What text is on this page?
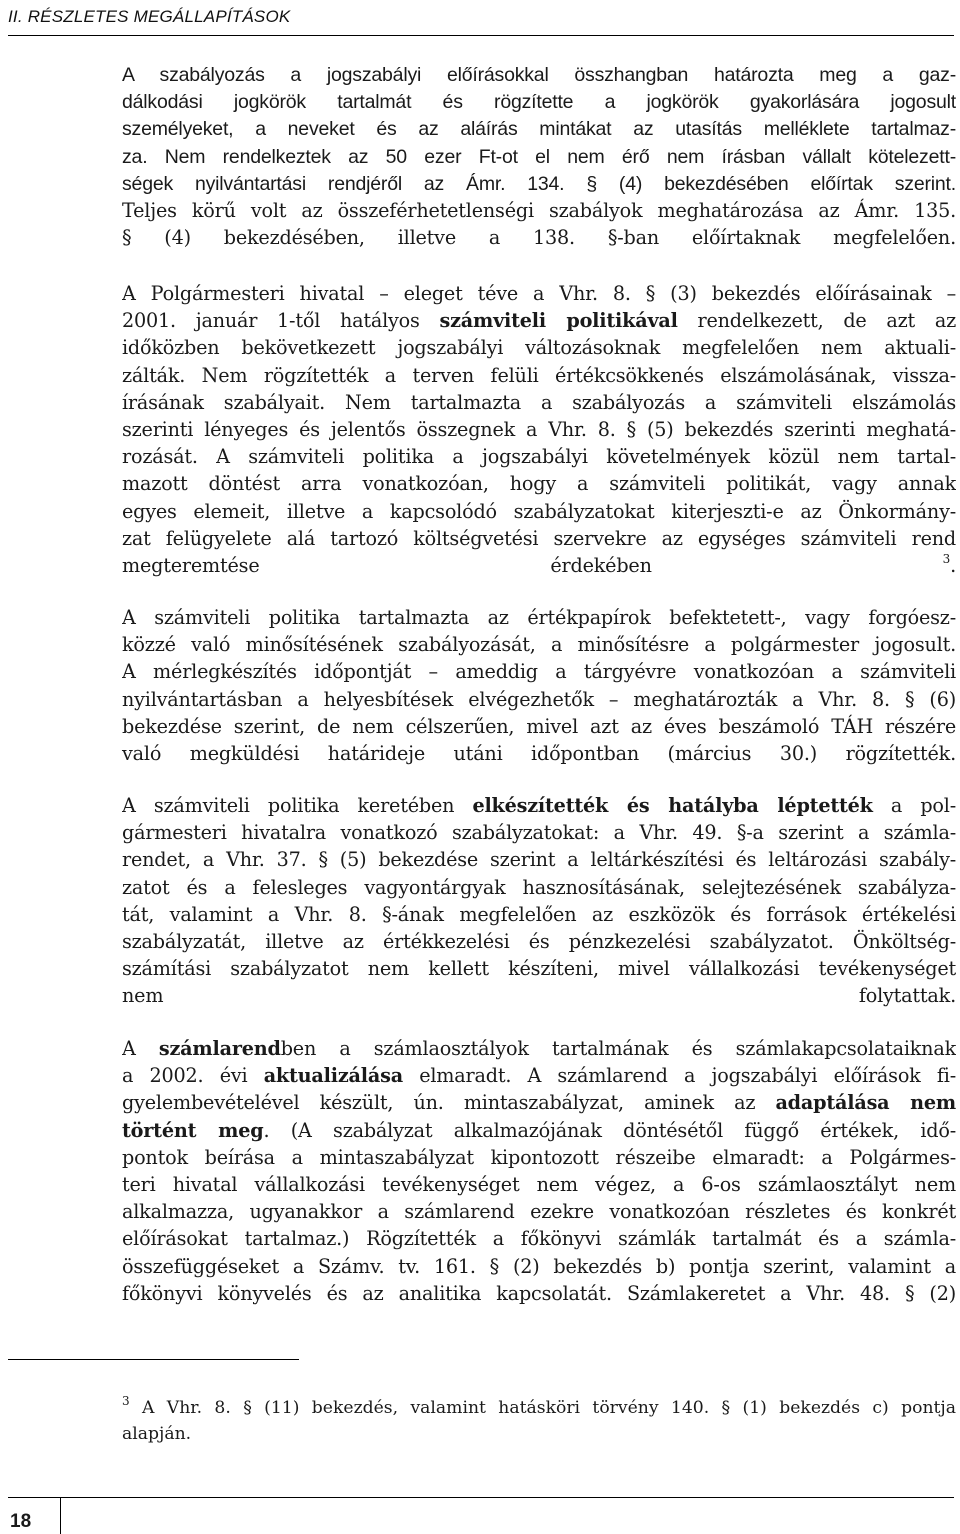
II. RÉSZLETES MEGÁLLAPÍTÁSOK
A szabályozás a jogszabályi előírásokkal összhangban határozta meg a gaz-
dálkodási jogkörök tartalmát és rögzítette a jogkörök gyakorlására jogosult
személyeket, a neveket és az aláírás mintákat az utasítás melléklete tartalmaz-
za. Nem rendelkeztek az 50 ezer Ft-ot el nem érő nem írásban vállalt kötelezett-
ségek nyilvántartási rendjéről az Ámr. 134. § (4) bekezdésében előírtak szerint.
Teljes körű volt az összeférhetetlenségi szabályok meghatározása az Ámr. 135.
§ (4) bekezdésében, illetve a 138. §-ban előírtaknak megfelelően.
A Polgármesteri hivatal – eleget téve a Vhr. 8. § (3) bekezdés előírásainak –
2001. január 1-től hatályos számviteli politikával rendelkezett, de azt az
időközben bekövetkezett jogszabályi változásoknak megfelelően nem aktuali-
zálták. Nem rögzítették a terven felüli értékcsökkenés elszámolásának, vissza-
írásának szabályait. Nem tartalmazta a szabályozás a számviteli elszámolás
szerinti lényeges és jelentős összegnek a Vhr. 8. § (5) bekezdés szerinti meghatá-
rozását. A számviteli politika a jogszabályi követelmények közül nem tartal-
mazott döntést arra vonatkozóan, hogy a számviteli politikát, vagy annak
egyes elemeit, illetve a kapcsolódó szabályzatokat kiterjeszti-e az Önkormány-
zat felügyelete alá tartozó költségvetési szervekre az egységes számviteli rend
megteremtése érdekében $^3$.
A számviteli politika tartalmazta az értékpapírok befektetett-, vagy forgóesz-
közzé való minősítésének szabályozását, a minősítésre a polgármester jogosult.
A mérlegkészítés időpontját – ameddig a tárgyévre vonatkozóan a számviteli
nyilvántartásban a helyesbítések elvégezhetők – meghatározták a Vhr. 8. § (6)
bekezdése szerint, de nem célszerűen, mivel azt az éves beszámoló TÁH részére
való megküldési határideje utáni időpontban (március 30.) rögzítették.
A számviteli politika keretében elkészítették és hatályba léptették a pol-
gármesteri hivatalra vonatkozó szabályzatokat: a Vhr. 49. §-a szerint a számla-
rendet, a Vhr. 37. § (5) bekezdése szerint a leltárkészítési és leltározási szabály-
zatot és a felesleges vagyontárgyak hasznosításának, selejtezésének szabályza-
tát, valamint a Vhr. 8. §-ának megfelelően az eszközök és források értékelési
szabályzatát, illetve az értékkezelési és pénzkezelési szabályzatot. Önköltség-
számítási szabályzatot nem kellett készíteni, mivel vállalkozási tevékenységet
nem folytattak.
A számlarendben a számlaosztályok tartalmának és számlakapcsolataiknak
a 2002. évi aktualizálása elmaradt. A számlarend a jogszabályi előírások fi-
gyelembevételével készült, ún. mintaszabályzat, aminek az adaptálása nem
történt meg. (A szabályzat alkalmazójának döntésétől függő értékek, idő-
pontok beírása a mintaszabályzat kipontozott részeibe elmaradt: a Polgármes-
teri hivatal vállalkozási tevékenységet nem végez, a 6-os számlaosztályt nem
alkalmazza, ugyanakkor a számlarend ezekre vonatkozóan részletes és konkrét
előírásokat tartalmaz.) Rögzítették a főkönyvi számlák tartalmát és a számla-
összefüggéseket a Számv. tv. 161. § (2) bekezdés b) pontja szerint, valamint a
főkönyvi könyvelés és az analitika kapcsolatát. Számlakeretet a Vhr. 48. § (2)
$^3$ A Vhr. 8. § (11) bekezdés, valamint hatásköri törvény 140. § (1) bekezdés c) pontja
alapján.
18
